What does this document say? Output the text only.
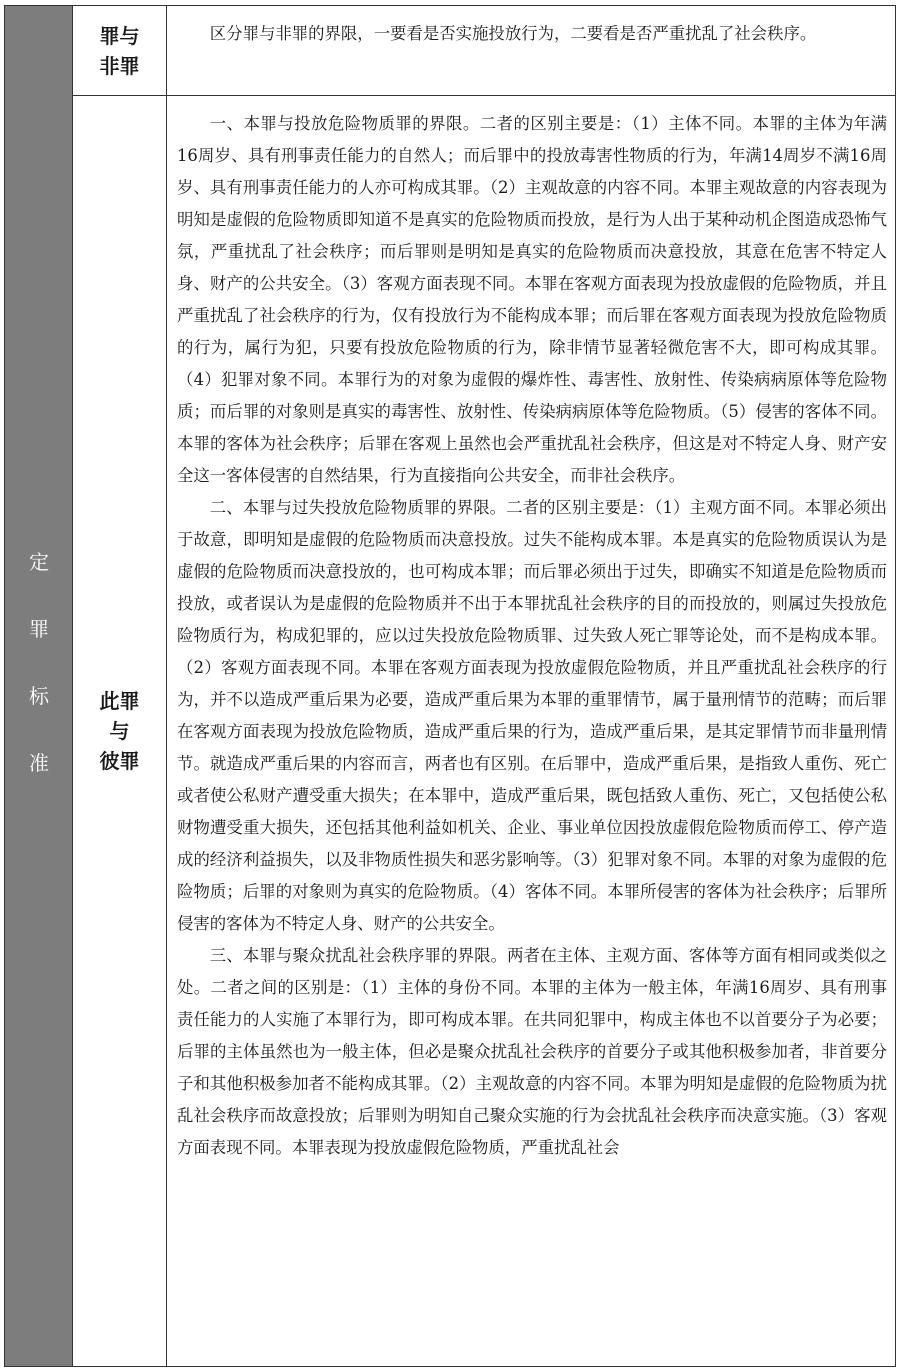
定
罪
标
准
罪与
非罪

区分罪与非罪的界限，一要看是否实施投放行为，二要看是否严重扰乱了社会秩序。

此罪
与
彼罪

一、本罪与投放危险物质罪的界限。二者的区别主要是：（1）主体不同。本罪的主体为年满16周岁、具有刑事责任能力的自然人；而后罪中的投放毒害性物质的行为，年满14周岁不满16周岁、具有刑事责任能力的人亦可构成其罪。（2）主观故意的内容不同。本罪主观故意的内容表现为明知是虚假的危险物质即知道不是真实的危险物质而投放，是行为人出于某种动机企图造成恐怖气氛，严重扰乱了社会秩序；而后罪则是明知是真实的危险物质而决意投放，其意在危害不特定人身、财产的公共安全。（3）客观方面表现不同。本罪在客观方面表现为投放虚假的危险物质，并且严重扰乱了社会秩序的行为，仅有投放行为不能构成本罪；而后罪在客观方面表现为投放危险物质的行为，属行为犯，只要有投放危险物质的行为，除非情节显著轻微危害不大，即可构成其罪。（4）犯罪对象不同。本罪行为的对象为虚假的爆炸性、毒害性、放射性、传染病病原体等危险物质；而后罪的对象则是真实的毒害性、放射性、传染病病原体等危险物质。（5）侵害的客体不同。本罪的客体为社会秩序；后罪在客观上虽然也会严重扰乱社会秩序，但这是对不特定人身、财产安全这一客体侵害的自然结果，行为直接指向公共安全，而非社会秩序。

二、本罪与过失投放危险物质罪的界限。二者的区别主要是：（1）主观方面不同。本罪必须出于故意，即明知是虚假的危险物质而决意投放。过失不能构成本罪。本是真实的危险物质误认为是虚假的危险物质而决意投放的，也可构成本罪；而后罪必须出于过失，即确实不知道是危险物质而投放，或者误认为是虚假的危险物质并不出于本罪扰乱社会秩序的目的而投放的，则属过失投放危险物质行为，构成犯罪的，应以过失投放危险物质罪、过失致人死亡罪等论处，而不是构成本罪。（2）客观方面表现不同。本罪在客观方面表现为投放虚假危险物质，并且严重扰乱社会秩序的行为，并不以造成严重后果为必要，造成严重后果为本罪的重罪情节，属于量刑情节的范畴；而后罪在客观方面表现为投放危险物质，造成严重后果的行为，造成严重后果，是其定罪情节而非量刑情节。就造成严重后果的内容而言，两者也有区别。在后罪中，造成严重后果，是指致人重伤、死亡或者使公私财产遭受重大损失；在本罪中，造成严重后果，既包括致人重伤、死亡，又包括使公私财物遭受重大损失，还包括其他利益如机关、企业、事业单位因投放虚假危险物质而停工、停产造成的经济利益损失，以及非物质性损失和恶劣影响等。（3）犯罪对象不同。本罪的对象为虚假的危险物质；后罪的对象则为真实的危险物质。（4）客体不同。本罪所侵害的客体为社会秩序；后罪所侵害的客体为不特定人身、财产的公共安全。

三、本罪与聚众扰乱社会秩序罪的界限。两者在主体、主观方面、客体等方面有相同或类似之处。二者之间的区别是：（1）主体的身份不同。本罪的主体为一般主体，年满16周岁、具有刑事责任能力的人实施了本罪行为，即可构成本罪。在共同犯罪中，构成主体也不以首要分子为必要；后罪的主体虽然也为一般主体，但必是聚众扰乱社会秩序的首要分子或其他积极参加者，非首要分子和其他积极参加者不能构成其罪。（2）主观故意的内容不同。本罪为明知是虚假的危险物质为扰乱社会秩序而故意投放；后罪则为明知自己聚众实施的行为会扰乱社会秩序而决意实施。（3）客观方面表现不同。本罪表现为投放虚假危险物质，严重扰乱社会
